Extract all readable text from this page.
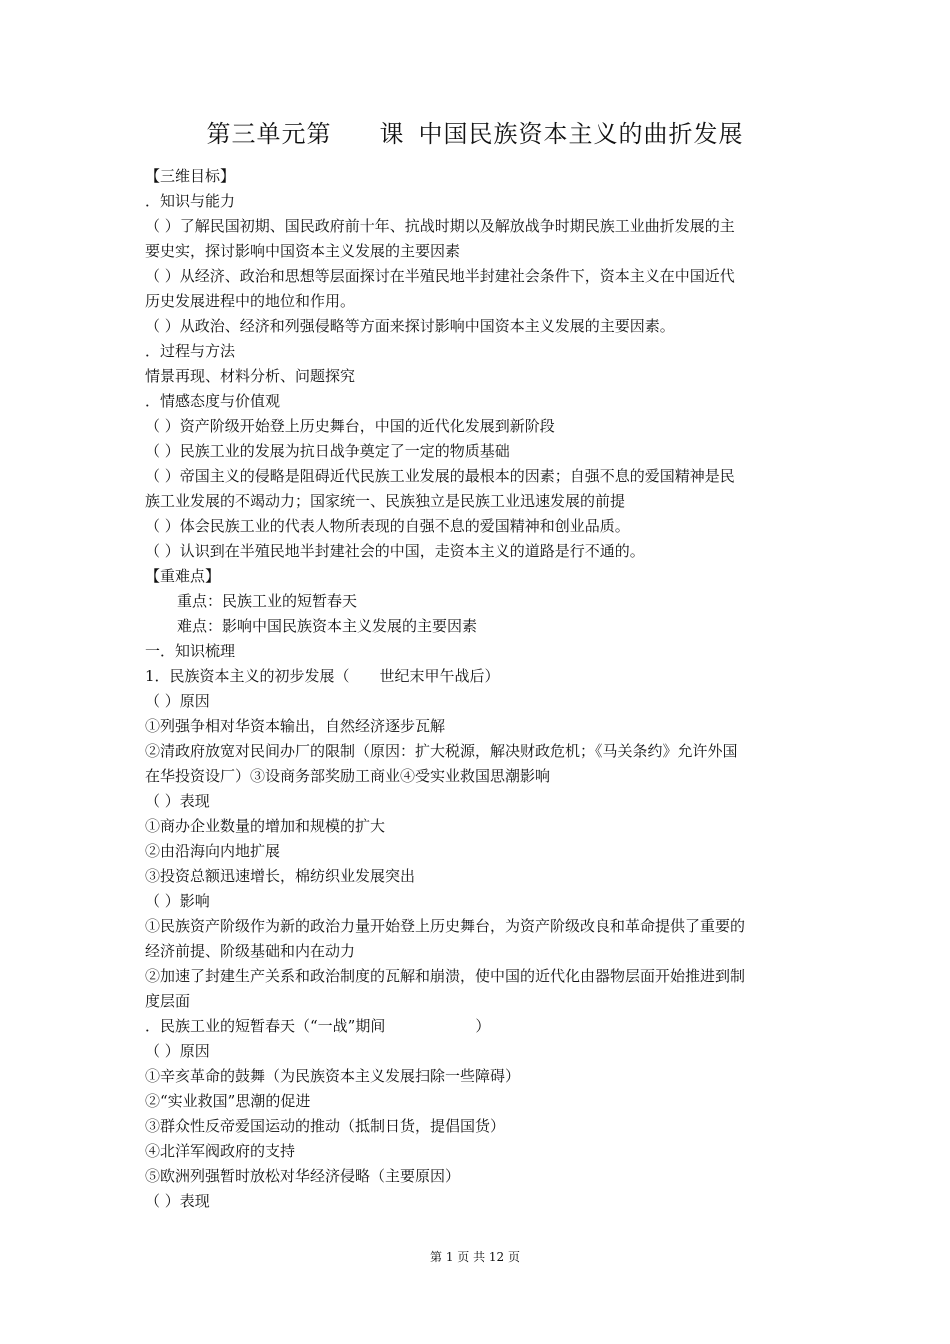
第三单元第 课 中国民族资本主义的曲折发展
【三维目标】
．知识与能力
（ ）了解民国初期、国民政府前十年、抗战时期以及解放战争时期民族工业曲折发展的主
要史实，探讨影响中国资本主义发展的主要因素
（ ）从经济、政治和思想等层面探讨在半殖民地半封建社会条件下，资本主义在中国近代
历史发展进程中的地位和作用。
（ ）从政治、经济和列强侵略等方面来探讨影响中国资本主义发展的主要因素。
．过程与方法
情景再现、材料分析、问题探究
．情感态度与价值观
（ ）资产阶级开始登上历史舞台，中国的近代化发展到新阶段
（ ）民族工业的发展为抗日战争奠定了一定的物质基础
（ ）帝国主义的侵略是阻碍近代民族工业发展的最根本的因素；自强不息的爱国精神是民
族工业发展的不竭动力；国家统一、民族独立是民族工业迅速发展的前提
（ ）体会民族工业的代表人物所表现的自强不息的爱国精神和创业品质。
（ ）认识到在半殖民地半封建社会的中国，走资本主义的道路是行不通的。
【重难点】
重点：民族工业的短暂春天
难点：影响中国民族资本主义发展的主要因素
一．知识梳理
1．民族资本主义的初步发展（　　世纪末甲午战后）
（ ）原因
①列强争相对华资本输出，自然经济逐步瓦解
②清政府放宽对民间办厂的限制（原因：扩大税源，解决财政危机；《马关条约》允许外国
在华投资设厂）③设商务部奖励工商业④受实业救国思潮影响
（ ）表现
①商办企业数量的增加和规模的扩大
②由沿海向内地扩展
③投资总额迅速增长，棉纺织业发展突出
（ ）影响
①民族资产阶级作为新的政治力量开始登上历史舞台，为资产阶级改良和革命提供了重要的
经济前提、阶级基础和内在动力
②加速了封建生产关系和政治制度的瓦解和崩溃，使中国的近代化由器物层面开始推进到制
度层面
．民族工业的短暂春天（“一战”期间　　　　　　）
（ ）原因
①辛亥革命的鼓舞（为民族资本主义发展扫除一些障碍）
②“实业救国”思潮的促进
③群众性反帝爱国运动的推动（抵制日货，提倡国货）
④北洋军阀政府的支持
⑤欧洲列强暂时放松对华经济侵略（主要原因）
（ ）表现
第 1 页 共 12 页
